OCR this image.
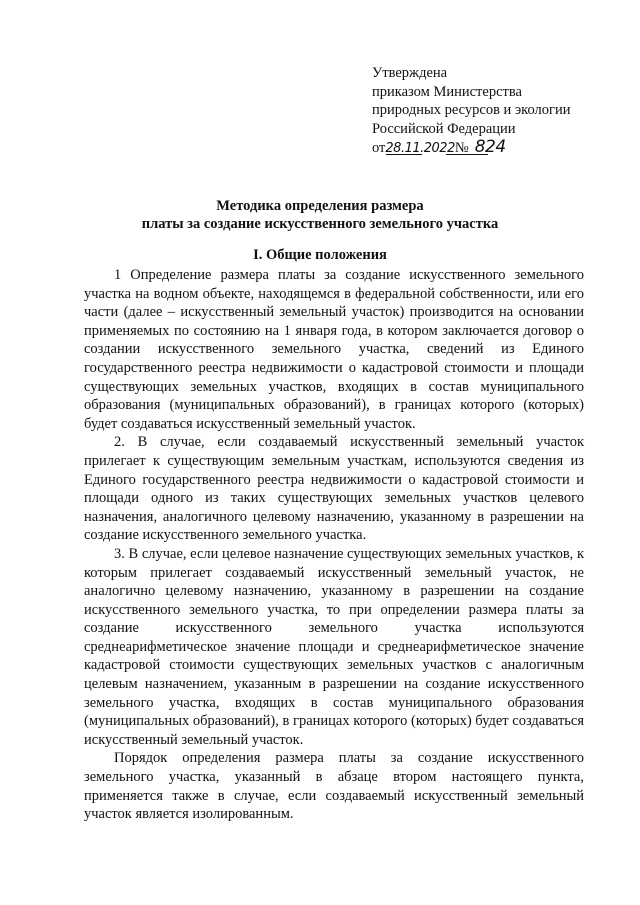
Утверждена
приказом Министерства
природных ресурсов и экологии
Российской Федерации
от28.11.2022№ 824
Методика определения размера
платы за создание искусственного земельного участка
I. Общие положения

1 Определение размера платы за создание искусственного земельного участка на водном объекте, находящемся в федеральной собственности, или его части (далее – искусственный земельный участок) производится на основании применяемых по состоянию на 1 января года, в котором заключается договор о создании искусственного земельного участка, сведений из Единого государственного реестра недвижимости о кадастровой стоимости и площади существующих земельных участков, входящих в состав муниципального образования (муниципальных образований), в границах которого (которых) будет создаваться искусственный земельный участок.

2. В случае, если создаваемый искусственный земельный участок прилегает к существующим земельным участкам, используются сведения из Единого государственного реестра недвижимости о кадастровой стоимости и площади одного из таких существующих земельных участков целевого назначения, аналогичного целевому назначению, указанному в разрешении на создание искусственного земельного участка.

3. В случае, если целевое назначение существующих земельных участков, к которым прилегает создаваемый искусственный земельный участок, не аналогично целевому назначению, указанному в разрешении на создание искусственного земельного участка, то при определении размера платы за создание искусственного земельного участка используются среднеарифметическое значение площади и среднеарифметическое значение кадастровой стоимости существующих земельных участков с аналогичным целевым назначением, указанным в разрешении на создание искусственного земельного участка, входящих в состав муниципального образования (муниципальных образований), в границах которого (которых) будет создаваться искусственный земельный участок.

Порядок определения размера платы за создание искусственного земельного участка, указанный в абзаце втором настоящего пункта, применяется также в случае, если создаваемый искусственный земельный участок является изолированным.
